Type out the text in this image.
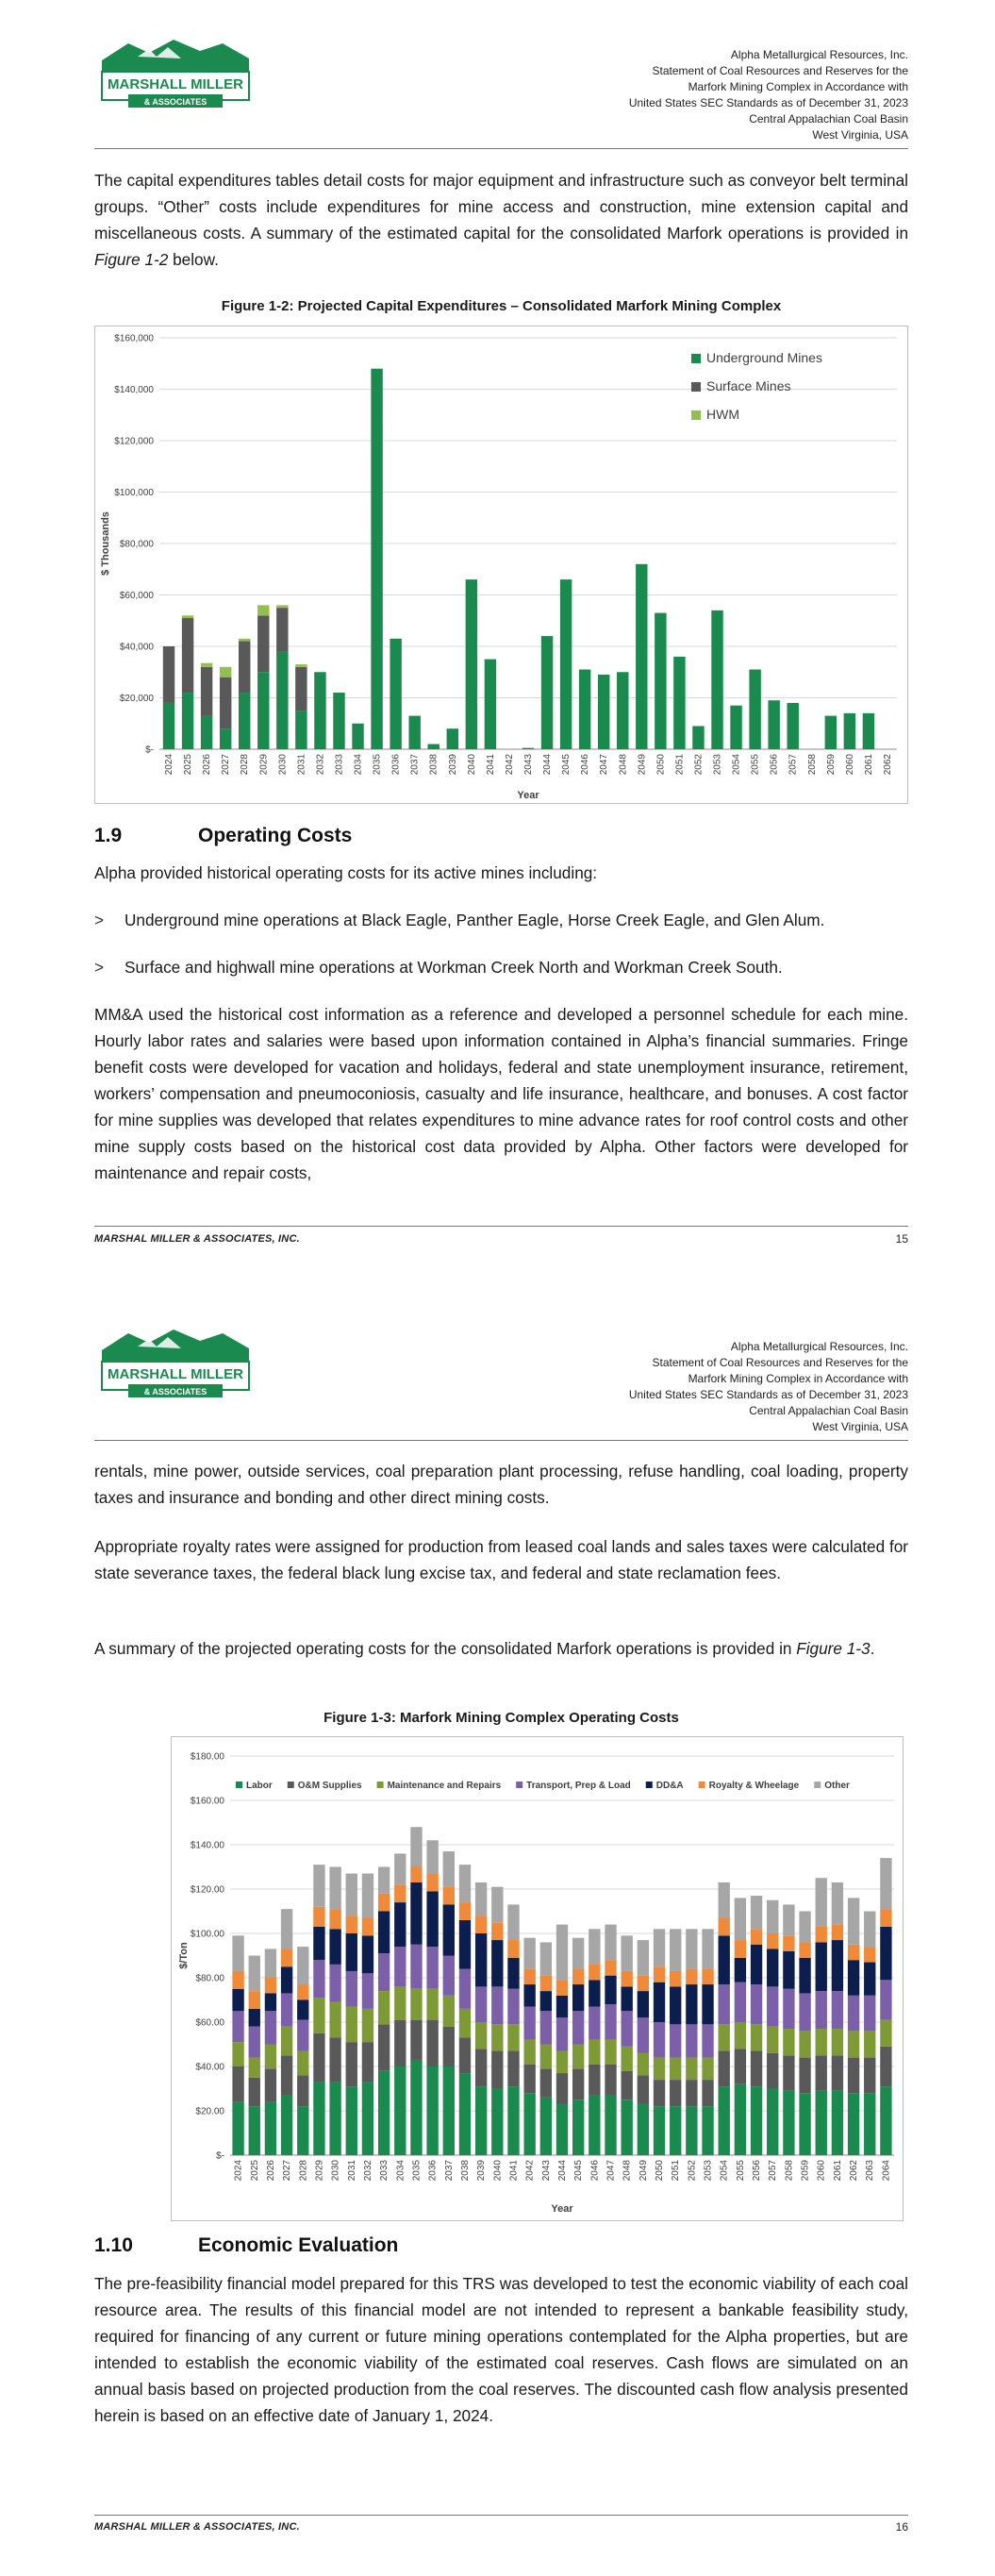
MARSHALL MILLER
& ASSOCIATES
Alpha Metallurgical Resources, Inc.
Statement of Coal Resources and Reserves for the
Marfork Mining Complex in Accordance with
United States SEC Standards as of December 31, 2023
Central Appalachian Coal Basin
West Virginia, USA
The capital expenditures tables detail costs for major equipment and infrastructure such as conveyor belt terminal groups. “Other” costs include expenditures for mine access and construction, mine extension capital and miscellaneous costs. A summary of the estimated capital for the consolidated Marfork operations is provided in Figure 1-2 below.
Figure 1-2: Projected Capital Expenditures – Consolidated Marfork Mining Complex
$-
$20,000
$40,000
$60,000
$80,000
$100,000
$120,000
$140,000
$160,000
2024 2025 2026 2027 2028 2029 2030 2031 2032 2033 2034 2035 2036 2037 2038 2039 2040 2041 2042 2043 2044 2045 2046 2047 2048 2049 2050 2051 2052 2053 2054 2055 2056 2057 2058 2059 2060 2061 2062
Year
$ Thousands
Underground Mines
Surface Mines
HWM
1.9	Operating Costs
Alpha provided historical operating costs for its active mines including:
> Underground mine operations at Black Eagle, Panther Eagle, Horse Creek Eagle, and Glen Alum.
> Surface and highwall mine operations at Workman Creek North and Workman Creek South.
MM&A used the historical cost information as a reference and developed a personnel schedule for each mine. Hourly labor rates and salaries were based upon information contained in Alpha’s financial summaries. Fringe benefit costs were developed for vacation and holidays, federal and state unemployment insurance, retirement, workers’ compensation and pneumoconiosis, casualty and life insurance, healthcare, and bonuses. A cost factor for mine supplies was developed that relates expenditures to mine advance rates for roof control costs and other mine supply costs based on the historical cost data provided by Alpha. Other factors were developed for maintenance and repair costs,
MARSHAL MILLER & ASSOCIATES, INC.	15
MARSHALL MILLER
& ASSOCIATES
Alpha Metallurgical Resources, Inc.
Statement of Coal Resources and Reserves for the
Marfork Mining Complex in Accordance with
United States SEC Standards as of December 31, 2023
Central Appalachian Coal Basin
West Virginia, USA
rentals, mine power, outside services, coal preparation plant processing, refuse handling, coal loading, property taxes and insurance and bonding and other direct mining costs.
Appropriate royalty rates were assigned for production from leased coal lands and sales taxes were calculated for state severance taxes, the federal black lung excise tax, and federal and state reclamation fees.
A summary of the projected operating costs for the consolidated Marfork operations is provided in Figure 1-3.
Figure 1-3: Marfork Mining Complex Operating Costs
$-
$20.00
$40.00
$60.00
$80.00
$100.00
$120.00
$140.00
$160.00
$180.00
2024 2025 2026 2027 2028 2029 2030 2031 2032 2033 2034 2035 2036 2037 2038 2039 2040 2041 2042 2043 2044 2045 2046 2047 2048 2049 2050 2051 2052 2053 2054 2055 2056 2057 2058 2059 2060 2061 2062 2063 2064
Year
$/Ton
Labor	O&M Supplies	Maintenance and Repairs	Transport, Prep & Load	DD&A	Royalty & Wheelage	Other
1.10	Economic Evaluation
The pre-feasibility financial model prepared for this TRS was developed to test the economic viability of each coal resource area. The results of this financial model are not intended to represent a bankable feasibility study, required for financing of any current or future mining operations contemplated for the Alpha properties, but are intended to establish the economic viability of the estimated coal reserves. Cash flows are simulated on an annual basis based on projected production from the coal reserves. The discounted cash flow analysis presented herein is based on an effective date of January 1, 2024.
MARSHAL MILLER & ASSOCIATES, INC.	16
